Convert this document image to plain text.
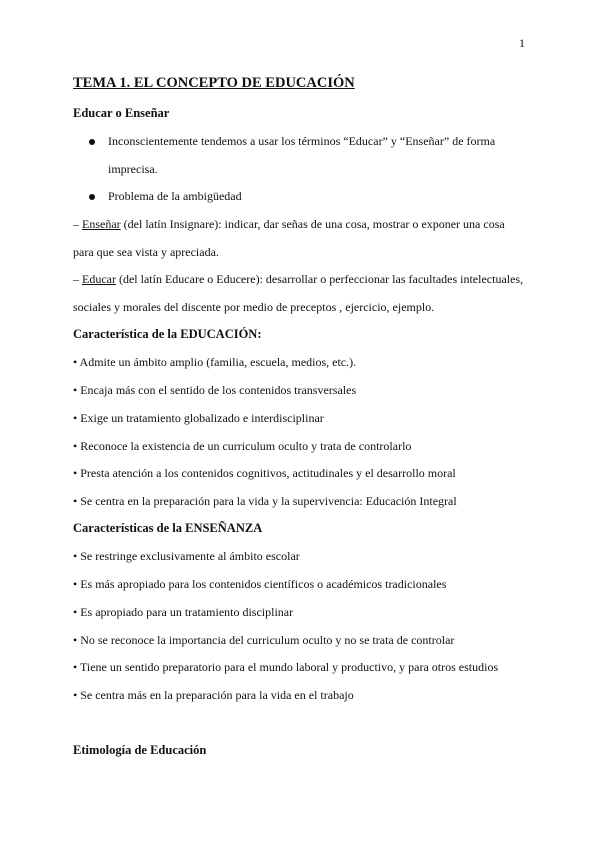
1
TEMA 1. EL CONCEPTO DE EDUCACIÓN
Educar o Enseñar
Inconscientemente tendemos a usar los términos “Educar” y “Enseñar” de forma
imprecisa.
Problema de la ambigüedad
– Enseñar (del latín Insignare): indicar, dar señas de una cosa, mostrar o exponer una cosa
para que sea vista y apreciada.
– Educar (del latín Educare o Educere): desarrollar o perfeccionar las facultades intelectuales,
sociales y morales del discente por medio de preceptos , ejercicio, ejemplo.
Característica de la EDUCACIÓN:
• Admite un ámbito amplio (familia, escuela, medios, etc.).
• Encaja más con el sentido de los contenidos transversales
• Exige un tratamiento globalizado e interdisciplinar
• Reconoce la existencia de un curriculum oculto y trata de controlarlo
• Presta atención a los contenidos cognitivos, actitudinales y el desarrollo moral
• Se centra en la preparación para la vida y la supervivencia: Educación Integral
Características de la ENSEÑANZA
• Se restringe exclusivamente al ámbito escolar
• Es más apropiado para los contenidos científicos o académicos tradicionales
• Es apropiado para un tratamiento disciplinar
• No se reconoce la importancia del curriculum oculto y no se trata de controlar
• Tiene un sentido preparatorio para el mundo laboral y productivo, y para otros estudios
• Se centra más en la preparación para la vida en el trabajo
Etimología de Educación
